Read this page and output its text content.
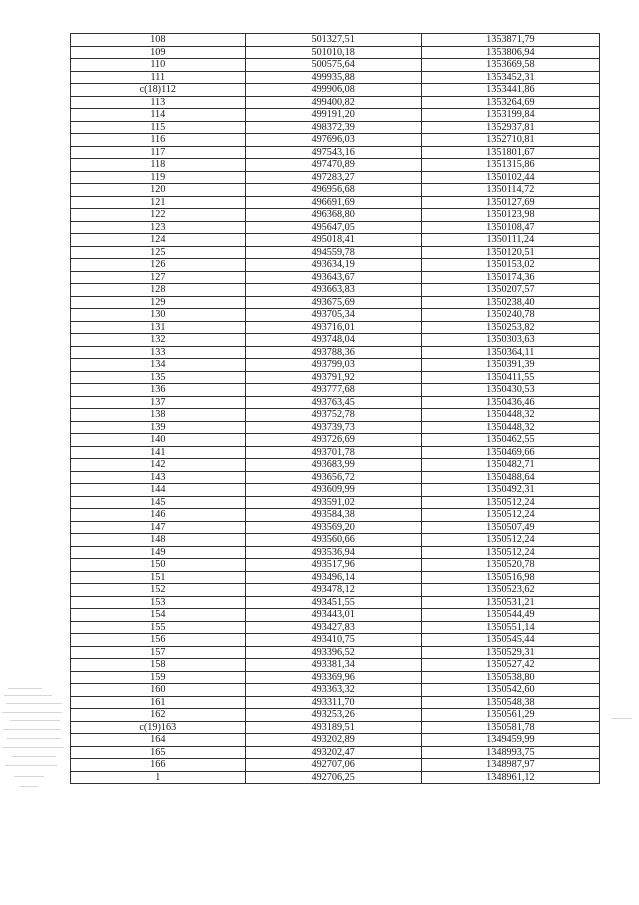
108	501327,51	1353871,79
109	501010,18	1353806,94
110	500575,64	1353669,58
111	499935,88	1353452,31
с(18)112	499906,08	1353441,86
113	499400,82	1353264,69
114	499191,20	1353199,84
115	498372,39	1352937,81
116	497696,03	1352710,81
117	497543,16	1351801,67
118	497470,89	1351315,86
119	497283,27	1350102,44
120	496956,68	1350114,72
121	496691,69	1350127,69
122	496368,80	1350123,98
123	495647,05	1350108,47
124	495018,41	1350111,24
125	494559,78	1350120,51
126	493634,19	1350153,02
127	493643,67	1350174,36
128	493663,83	1350207,57
129	493675,69	1350238,40
130	493705,34	1350240,78
131	493716,01	1350253,82
132	493748,04	1350303,63
133	493788,36	1350364,11
134	493799,03	1350391,39
135	493791,92	1350411,55
136	493777,68	1350430,53
137	493763,45	1350436,46
138	493752,78	1350448,32
139	493739,73	1350448,32
140	493726,69	1350462,55
141	493701,78	1350469,66
142	493683,99	1350482,71
143	493656,72	1350488,64
144	493609,99	1350492,31
145	493591,02	1350512,24
146	493584,38	1350512,24
147	493569,20	1350507,49
148	493560,66	1350512,24
149	493536,94	1350512,24
150	493517,96	1350520,78
151	493496,14	1350516,98
152	493478,12	1350523,62
153	493451,55	1350531,21
154	493443,01	1350544,49
155	493427,83	1350551,14
156	493410,75	1350545,44
157	493396,52	1350529,31
158	493381,34	1350527,42
159	493369,96	1350538,80
160	493363,32	1350542,60
161	493311,70	1350548,38
162	493253,26	1350561,29
с(19)163	493189,51	1350581,78
164	493202,89	1349459,99
165	493202,47	1348993,75
166	492707,06	1348987,97
1	492706,25	1348961,12
